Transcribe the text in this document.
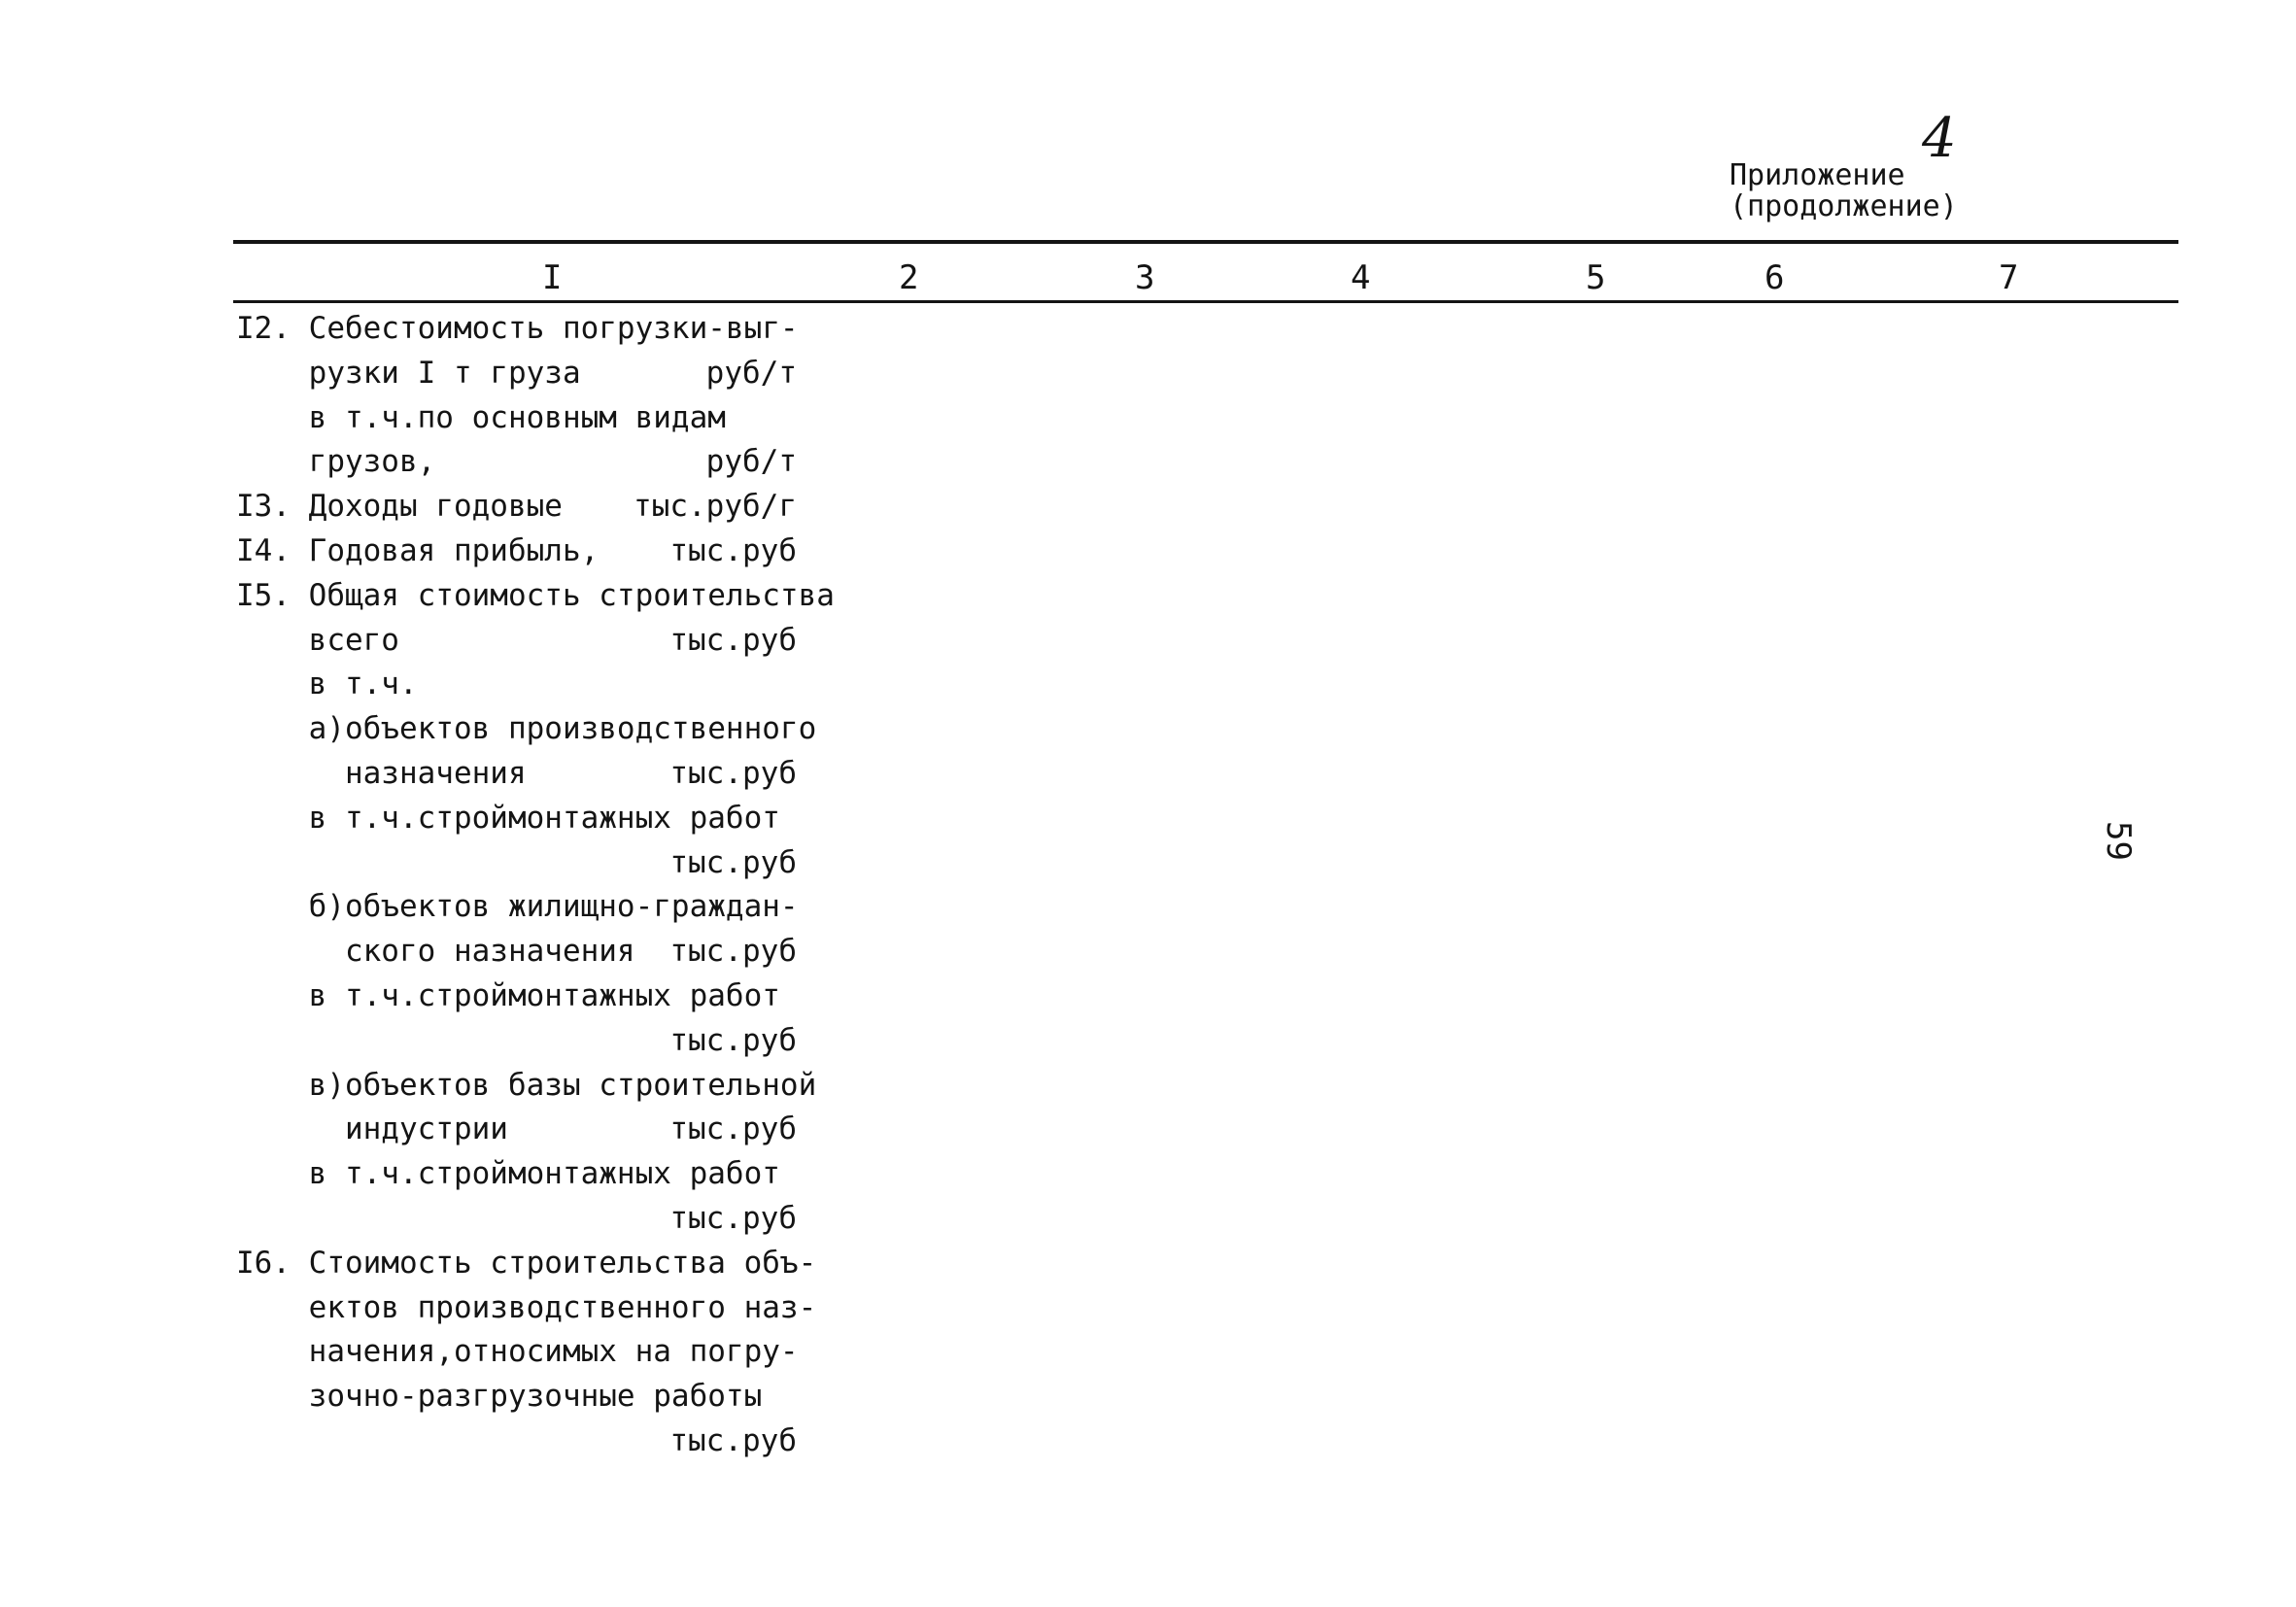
Приложение
4
(продолжение)
I	2	3	4	5	6	7
I2. Себестоимость погрузки-выг-
рузки I т груза	руб/т
в т.ч.по основным видам
грузов,	руб/т
I3. Доходы годовые тыс.руб/г
I4. Годовая прибыль, тыс.руб
I5. Общая стоимость строительства
всего	тыс.руб
в т.ч.
а)объектов производственного
назначения	тыс.руб
в т.ч.строймонтажных работ
тыс.руб
б)объектов жилищно-граждан-
ского назначения тыс.руб
в т.ч.строймонтажных работ
тыс.руб
в)объектов базы строительной
индустрии	тыс.руб
в т.ч.строймонтажных работ
тыс.руб
I6. Стоимость строительства объ-
ектов производственного наз-
начения,относимых на погру-
зочно-разгрузочные работы
тыс.руб
59
